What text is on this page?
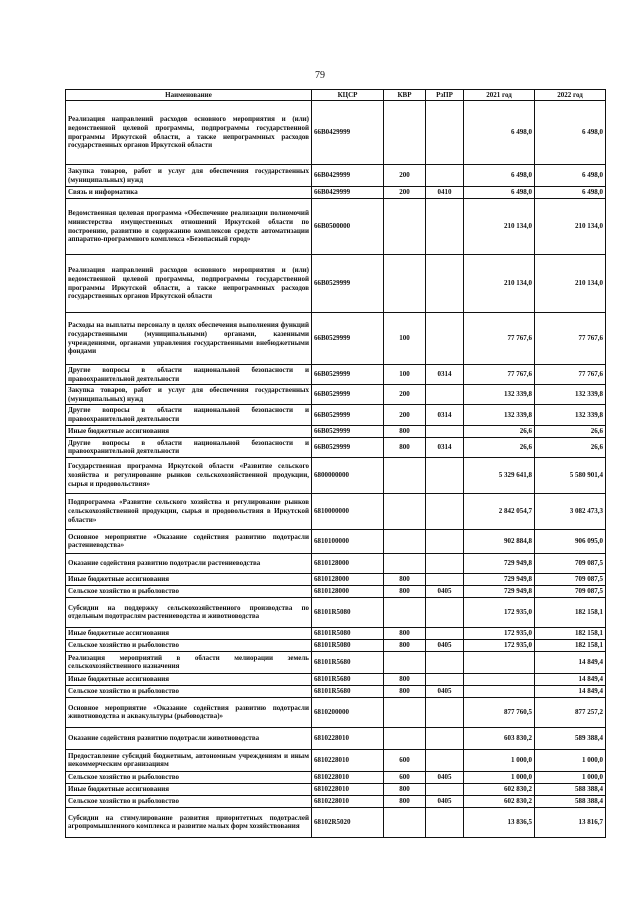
79
Наименование	КЦСР	КВР	РзПР	2021 год	2022 год
Реализация направлений расходов основного мероприятия и (или) ведомственной целевой программы, подпрограммы государственной программы Иркутской области, а также непрограммных расходов государственных органов Иркутской области	66В0429999			6 498,0	6 498,0
Закупка товаров, работ и услуг для обеспечения государственных (муниципальных) нужд	66В0429999	200		6 498,0	6 498,0
Связь и информатика	66В0429999	200	0410	6 498,0	6 498,0
Ведомственная целевая программа «Обеспечение реализации полномочий министерства имущественных отношений Иркутской области по построению, развитию и содержанию комплексов средств автоматизации аппаратно-программного комплекса «Безопасный город»	66В0500000			210 134,0	210 134,0
Реализация направлений расходов основного мероприятия и (или) ведомственной целевой программы, подпрограммы государственной программы Иркутской области, а также непрограммных расходов государственных органов Иркутской области	66В0529999			210 134,0	210 134,0
Расходы на выплаты персоналу в целях обеспечения выполнения функций государственными (муниципальными) органами, казенными учреждениями, органами управления государственными внебюджетными фондами	66В0529999	100		77 767,6	77 767,6
Другие вопросы в области национальной безопасности и правоохранительной деятельности	66В0529999	100	0314	77 767,6	77 767,6
Закупка товаров, работ и услуг для обеспечения государственных (муниципальных) нужд	66В0529999	200		132 339,8	132 339,8
Другие вопросы в области национальной безопасности и правоохранительной деятельности	66В0529999	200	0314	132 339,8	132 339,8
Иные бюджетные ассигнования	66В0529999	800		26,6	26,6
Другие вопросы в области национальной безопасности и правоохранительной деятельности	66В0529999	800	0314	26,6	26,6
Государственная программа Иркутской области «Развитие сельского хозяйства и регулирование рынков сельскохозяйственной продукции, сырья и продовольствия»	6800000000			5 329 641,8	5 580 901,4
Подпрограмма «Развитие сельского хозяйства и регулирование рынков сельскохозяйственной продукции, сырья и продовольствия в Иркутской области»	6810000000			2 842 054,7	3 082 473,3
Основное мероприятие «Оказание содействия развитию подотрасли растениеводства»	6810100000			902 884,8	906 095,0
Оказание содействия развитию подотрасли растениеводства	6810128000			729 949,8	709 087,5
Иные бюджетные ассигнования	6810128000	800		729 949,8	709 087,5
Сельское хозяйство и рыболовство	6810128000	800	0405	729 949,8	709 087,5
Субсидии на поддержку сельскохозяйственного производства по отдельным подотраслям растениеводства и животноводства	68101R5080			172 935,0	182 158,1
Иные бюджетные ассигнования	68101R5080	800		172 935,0	182 158,1
Сельское хозяйство и рыболовство	68101R5080	800	0405	172 935,0	182 158,1
Реализация мероприятий в области мелиорации земель сельскохозяйственного назначения	68101R5680				14 849,4
Иные бюджетные ассигнования	68101R5680	800			14 849,4
Сельское хозяйство и рыболовство	68101R5680	800	0405		14 849,4
Основное мероприятие «Оказание содействия развитию подотрасли животноводства и аквакультуры (рыбоводства)»	6810200000			877 760,5	877 257,2
Оказание содействия развитию подотрасли животноводства	6810228010			603 830,2	589 388,4
Предоставление субсидий бюджетным, автономным учреждениям и иным некоммерческим организациям	6810228010	600		1 000,0	1 000,0
Сельское хозяйство и рыболовство	6810228010	600	0405	1 000,0	1 000,0
Иные бюджетные ассигнования	6810228010	800		602 830,2	588 388,4
Сельское хозяйство и рыболовство	6810228010	800	0405	602 830,2	588 388,4
Субсидии на стимулирование развития приоритетных подотраслей агропромышленного комплекса и развитие малых форм хозяйствования	68102R5020			13 836,5	13 816,7
